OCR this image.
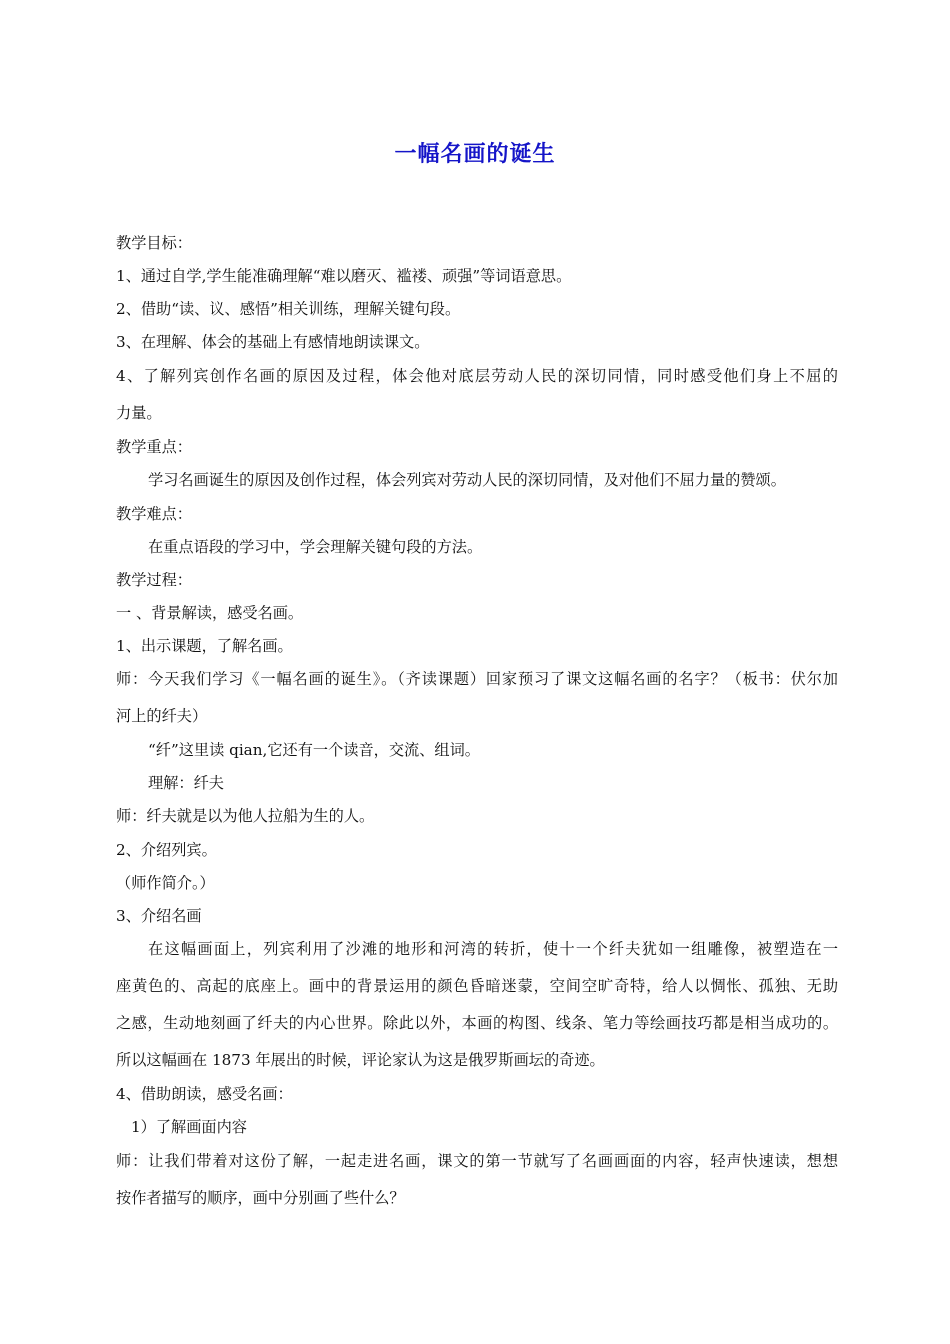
一幅名画的诞生
教学目标：
1、通过自学,学生能准确理解“难以磨灭、褴褛、顽强”等词语意思。
2、借助“读、议、感悟”相关训练，理解关键句段。
3、在理解、体会的基础上有感情地朗读课文。
4、了解列宾创作名画的原因及过程，体会他对底层劳动人民的深切同情，同时感受他们身上不屈的
力量。
教学重点：
学习名画诞生的原因及创作过程，体会列宾对劳动人民的深切同情，及对他们不屈力量的赞颂。
教学难点：
在重点语段的学习中，学会理解关键句段的方法。
教学过程：
一 、背景解读，感受名画。
1、出示课题，了解名画。
师：今天我们学习《一幅名画的诞生》。（齐读课题）回家预习了课文这幅名画的名字？（板书：伏尔加
河上的纤夫）
“纤”这里读 qian,它还有一个读音，交流、组词。
理解：纤夫
师：纤夫就是以为他人拉船为生的人。
2、介绍列宾。
（师作简介。）
3、介绍名画
在这幅画面上，列宾利用了沙滩的地形和河湾的转折，使十一个纤夫犹如一组雕像，被塑造在一
座黄色的、高起的底座上。画中的背景运用的颜色昏暗迷蒙，空间空旷奇特，给人以惆怅、孤独、无助
之感，生动地刻画了纤夫的内心世界。除此以外，本画的构图、线条、笔力等绘画技巧都是相当成功的。
所以这幅画在 1873 年展出的时候，评论家认为这是俄罗斯画坛的奇迹。
4、借助朗读，感受名画：
1）了解画面内容
师：让我们带着对这份了解，一起走进名画，课文的第一节就写了名画画面的内容，轻声快速读，想想
按作者描写的顺序，画中分别画了些什么？
